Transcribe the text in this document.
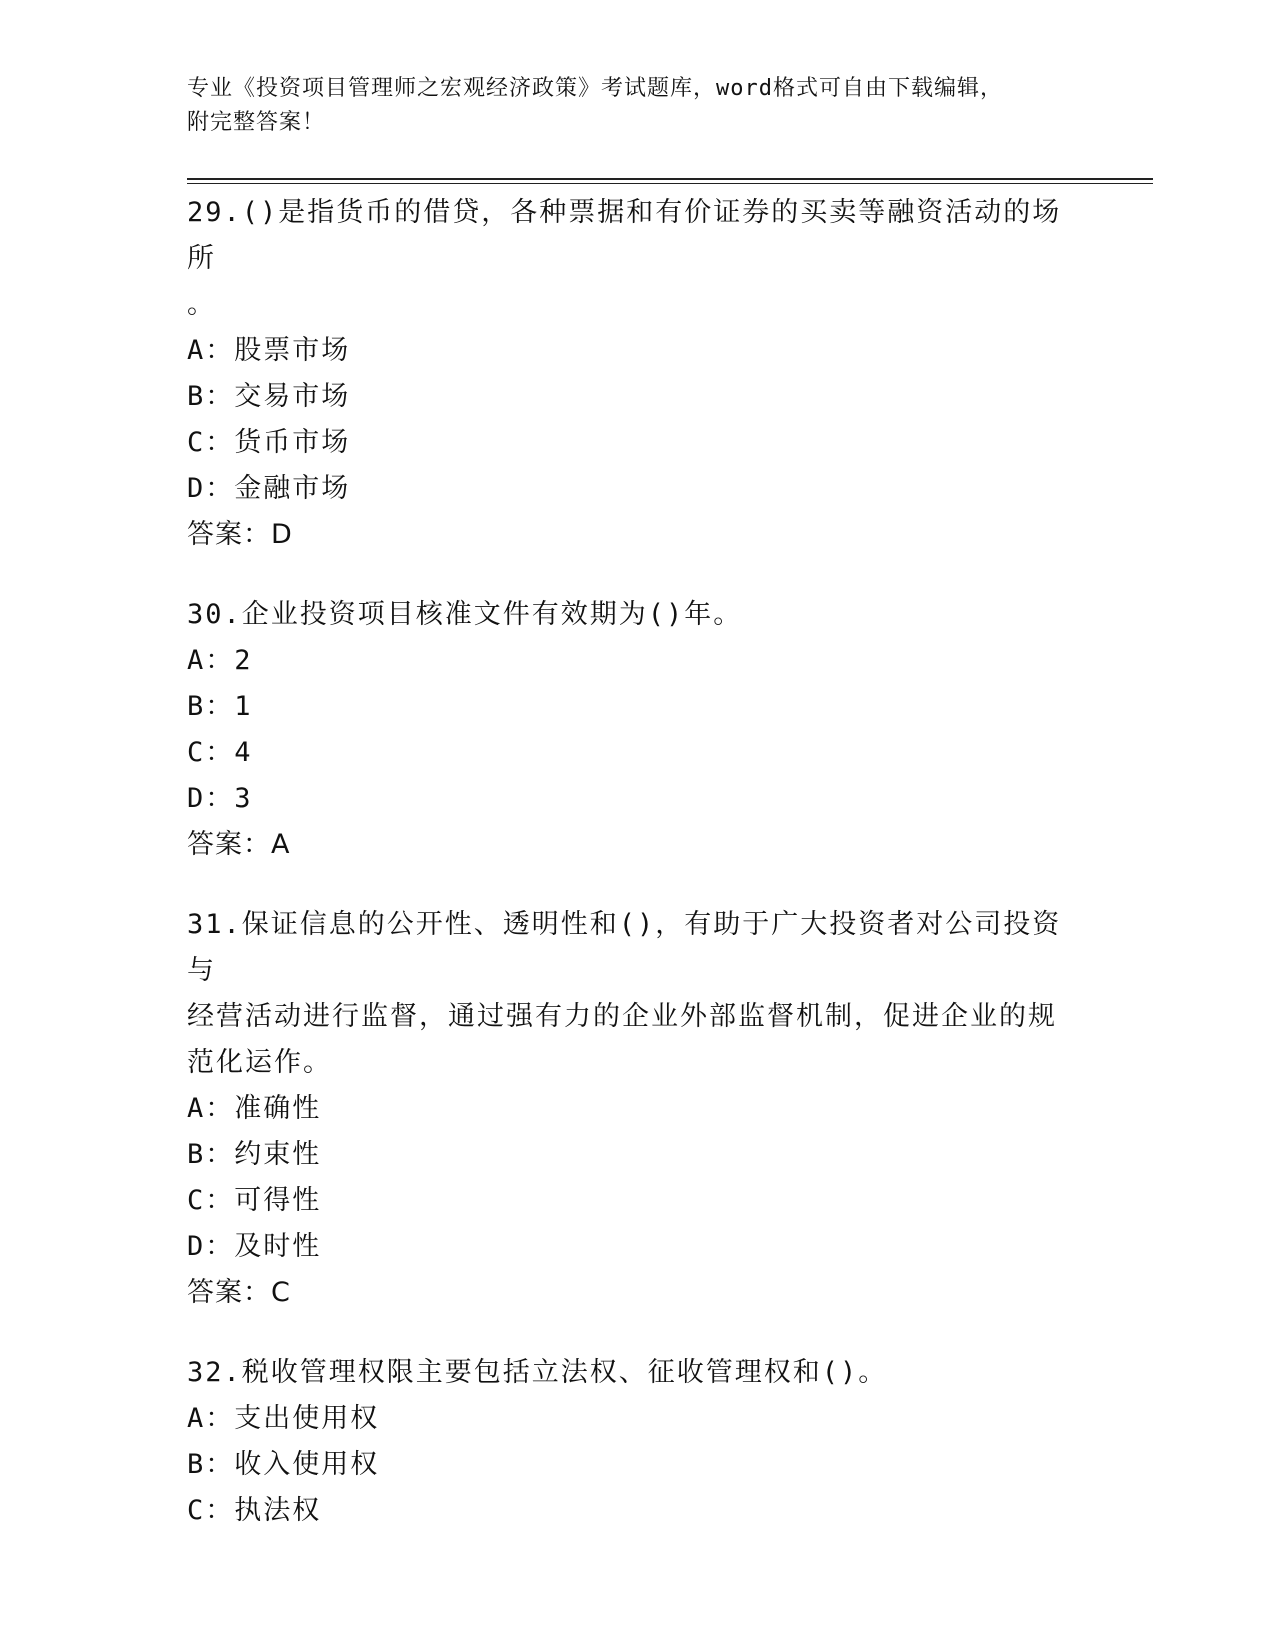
专业《投资项目管理师之宏观经济政策》考试题库，word格式可自由下载编辑，
附完整答案！
29.()是指货币的借贷，各种票据和有价证券的买卖等融资活动的场所
。
A：股票市场
B：交易市场
C：货币市场
D：金融市场
答案：D
30.企业投资项目核准文件有效期为()年。
A：2
B：1
C：4
D：3
答案：A
31.保证信息的公开性、透明性和()，有助于广大投资者对公司投资与
经营活动进行监督，通过强有力的企业外部监督机制，促进企业的规
范化运作。
A：准确性
B：约束性
C：可得性
D：及时性
答案：C
32.税收管理权限主要包括立法权、征收管理权和()。
A：支出使用权
B：收入使用权
C：执法权
